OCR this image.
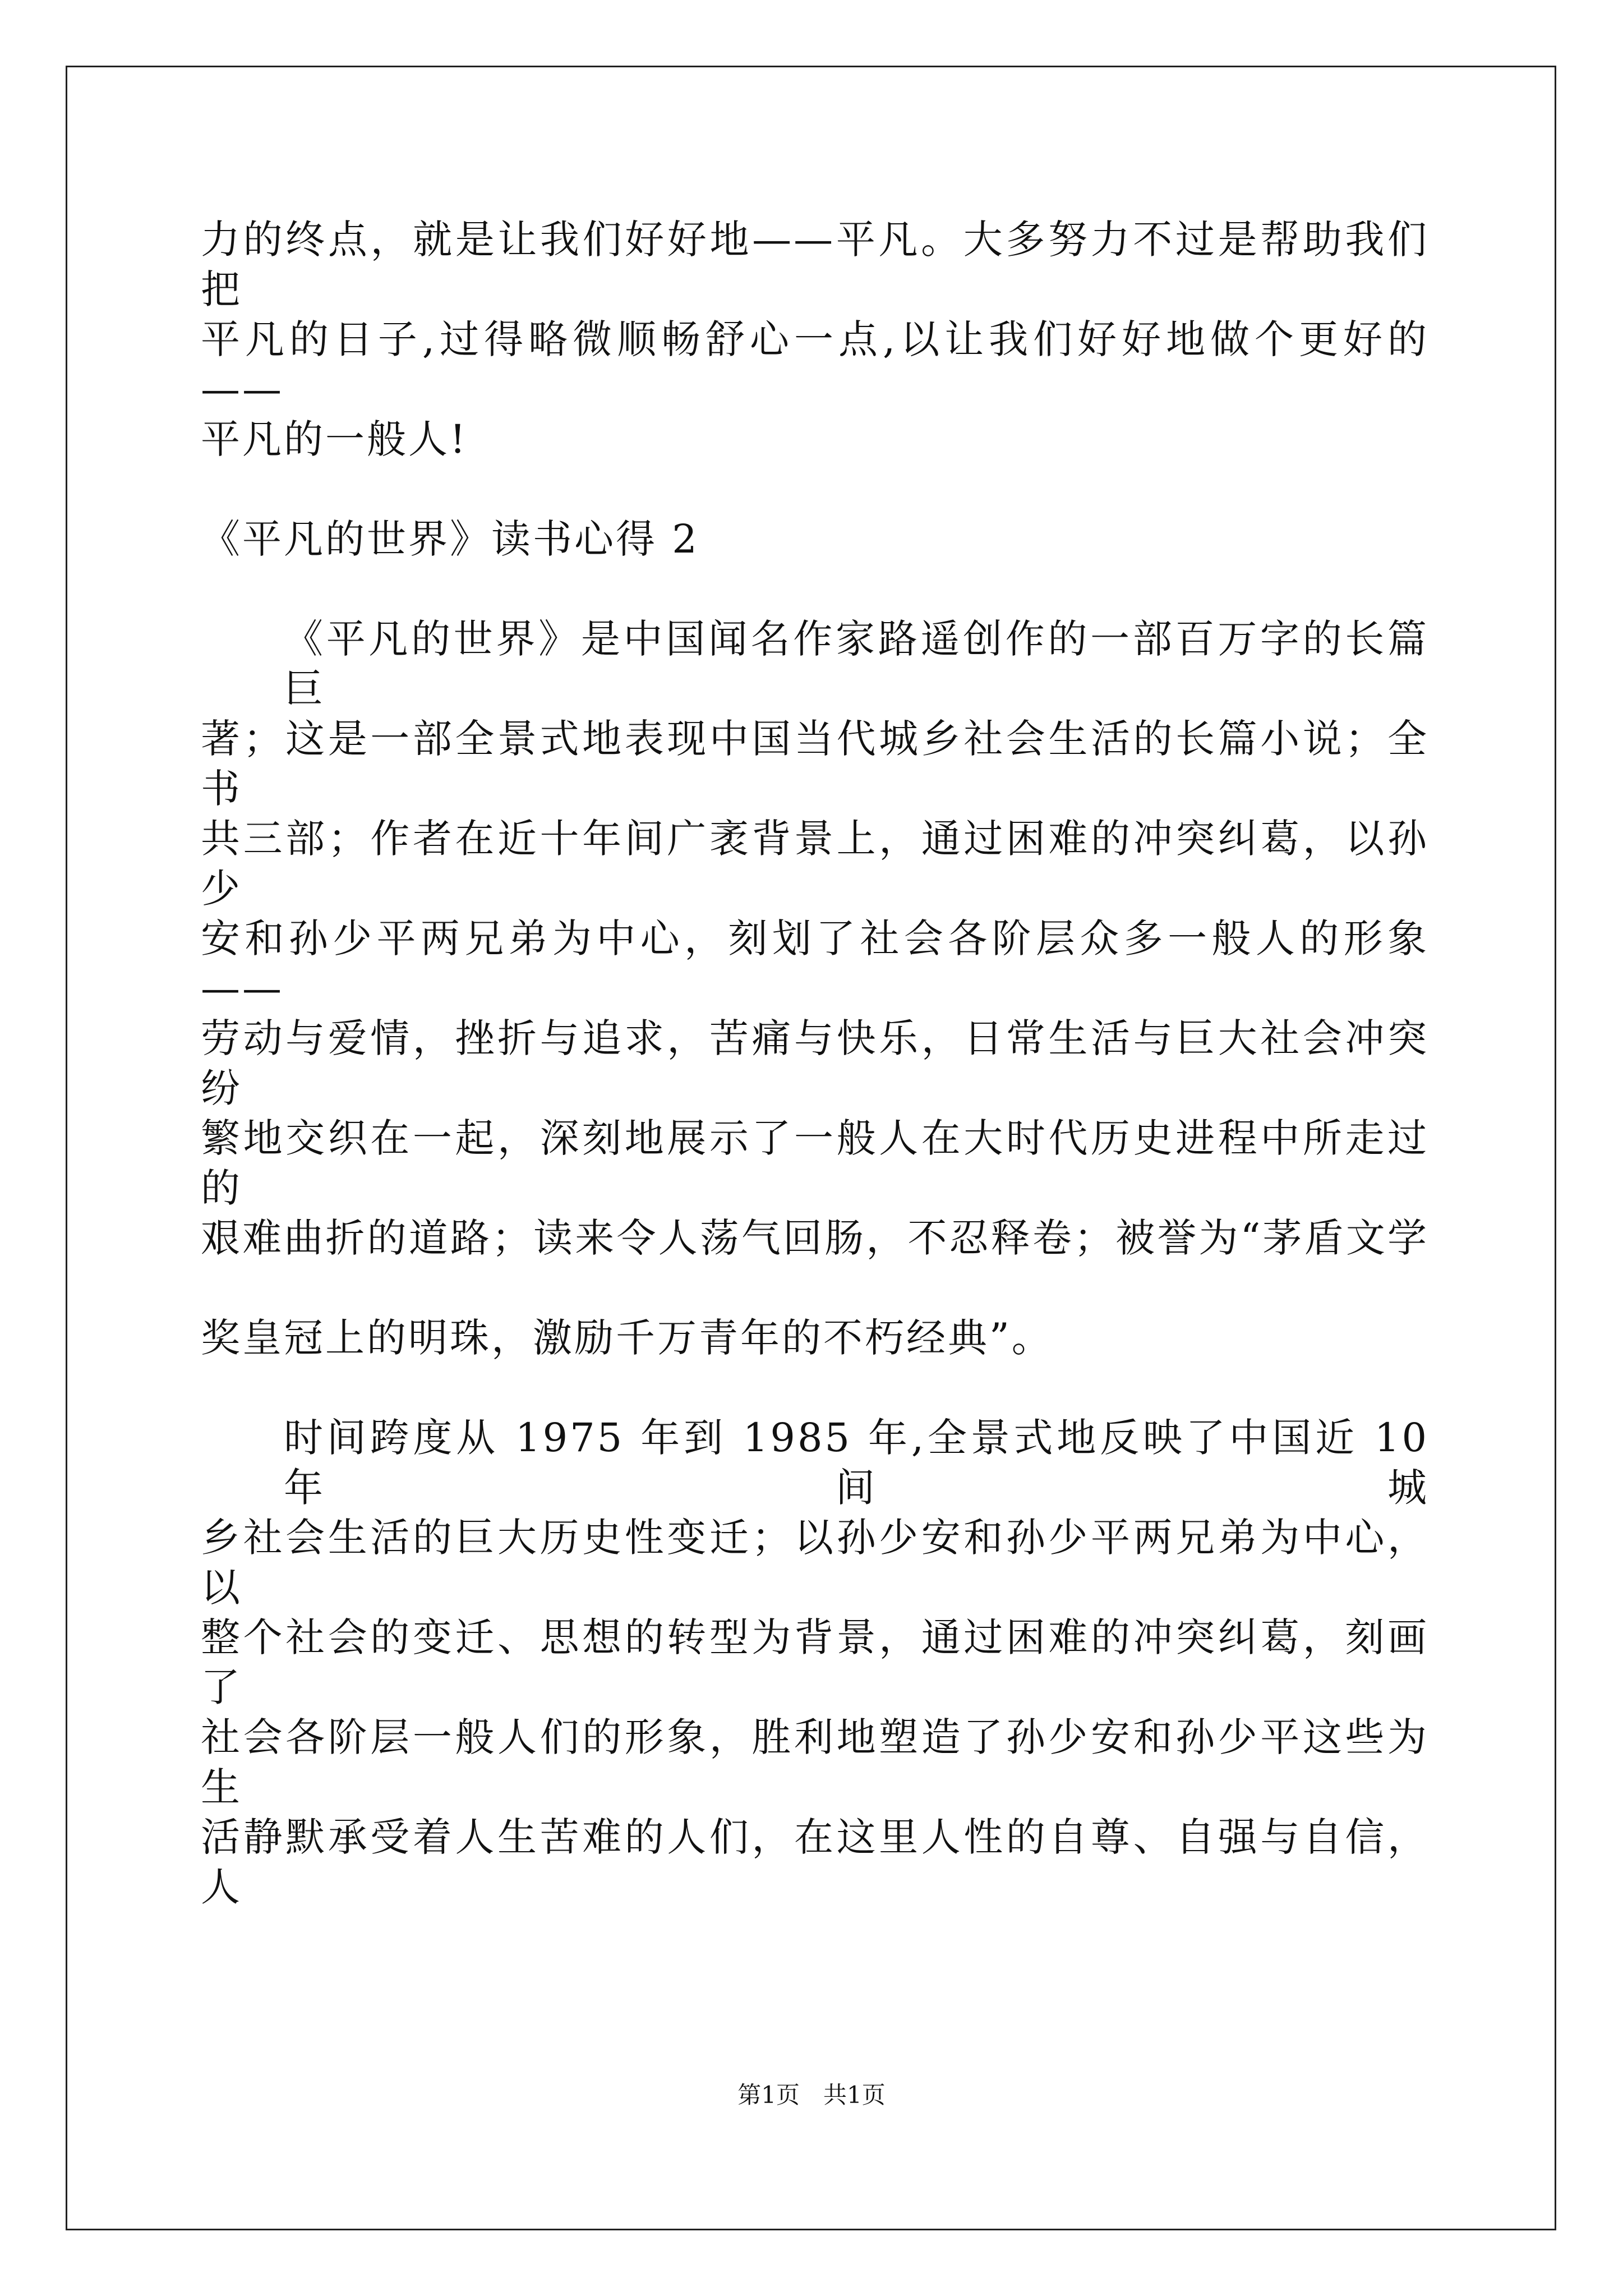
力的终点，就是让我们好好地——平凡。大多努力不过是帮助我们把
平凡的日子,过得略微顺畅舒心一点,以让我们好好地做个更好的——
平凡的一般人!
《平凡的世界》读书心得 2
《平凡的世界》是中国闻名作家路遥创作的一部百万字的长篇巨
著；这是一部全景式地表现中国当代城乡社会生活的长篇小说；全书
共三部；作者在近十年间广袤背景上，通过困难的冲突纠葛，以孙少
安和孙少平两兄弟为中心，刻划了社会各阶层众多一般人的形象——
劳动与爱情，挫折与追求，苦痛与快乐，日常生活与巨大社会冲突纷
繁地交织在一起，深刻地展示了一般人在大时代历史进程中所走过的
艰难曲折的道路；读来令人荡气回肠，不忍释卷；被誉为“茅盾文学
奖皇冠上的明珠，激励千万青年的不朽经典”。
时间跨度从 1975 年到 1985 年,全景式地反映了中国近 10 年间城
乡社会生活的巨大历史性变迁；以孙少安和孙少平两兄弟为中心，以
整个社会的变迁、思想的转型为背景，通过困难的冲突纠葛，刻画了
社会各阶层一般人们的形象，胜利地塑造了孙少安和孙少平这些为生
活静默承受着人生苦难的人们，在这里人性的自尊、自强与自信，人
第1页　共1页
